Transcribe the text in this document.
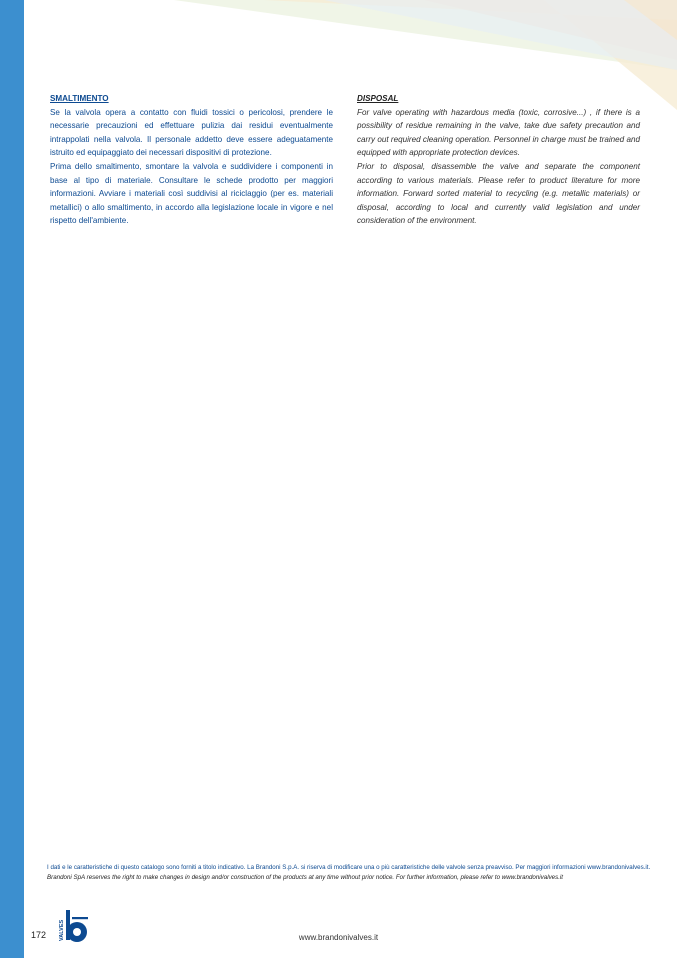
SMALTIMENTO

Se la valvola opera a contatto con fluidi tossici o pericolosi, prendere le necessarie precauzioni ed effettuare pulizia dai residui eventualmente intrappolati nella valvola. Il personale addetto deve essere adeguatamente istruito ed equipaggiato dei necessari dispositivi di protezione.

Prima dello smaltimento, smontare la valvola e suddividere i componenti in base al tipo di materiale. Consultare le schede prodotto per maggiori informazioni. Avviare i materiali così suddivisi al riciclaggio (per es. materiali metallici) o allo smaltimento, in accordo alla legislazione locale in vigore e nel rispetto dell'ambiente.

DISPOSAL

For valve operating with hazardous media (toxic, corrosive...) , if there is a possibility of residue remaining in the valve, take due safety precaution and carry out required cleaning operation. Personnel in charge must be trained and equipped with appropriate protection devices.

Prior to disposal, disassemble the valve and separate the component according to various materials. Please refer to product literature for more information. Forward sorted material to recycling (e.g. metallic materials) or disposal, according to local and currently valid legislation and under consideration of the environment.

I dati e le caratteristiche di questo catalogo sono forniti a titolo indicativo. La Brandoni S.p.A. si riserva di modificare una o più caratteristiche delle valvole senza preavviso. Per maggiori informazioni www.brandonivalves.it.
Brandoni SpA reserves the right to make changes in design and/or construction of the products at any time without prior notice. For further information, please refer to www.brandonivalves.it
172 VALVES	www.brandonivalves.it
